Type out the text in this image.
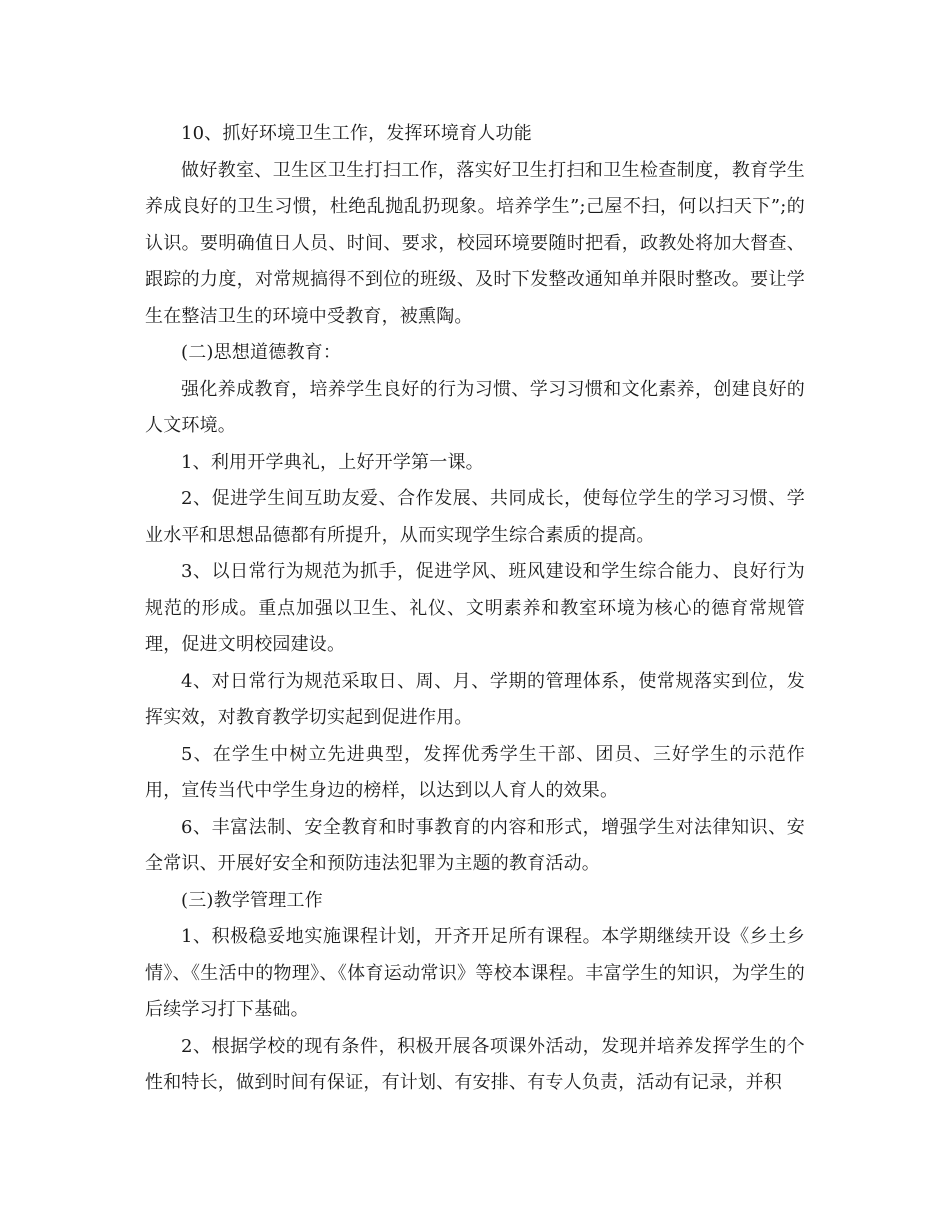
10、抓好环境卫生工作，发挥环境育人功能

做好教室、卫生区卫生打扫工作，落实好卫生打扫和卫生检查制度，教育学生养成良好的卫生习惯，杜绝乱抛乱扔现象。培养学生”;己屋不扫，何以扫天下”;的认识。要明确值日人员、时间、要求，校园环境要随时把看，政教处将加大督查、跟踪的力度，对常规搞得不到位的班级、及时下发整改通知单并限时整改。要让学生在整洁卫生的环境中受教育，被熏陶。

(二)思想道德教育：

强化养成教育，培养学生良好的行为习惯、学习习惯和文化素养，创建良好的人文环境。

1、利用开学典礼，上好开学第一课。

2、促进学生间互助友爱、合作发展、共同成长，使每位学生的学习习惯、学业水平和思想品德都有所提升，从而实现学生综合素质的提高。

3、以日常行为规范为抓手，促进学风、班风建设和学生综合能力、良好行为规范的形成。重点加强以卫生、礼仪、文明素养和教室环境为核心的德育常规管理，促进文明校园建设。

4、对日常行为规范采取日、周、月、学期的管理体系，使常规落实到位，发挥实效，对教育教学切实起到促进作用。

5、在学生中树立先进典型，发挥优秀学生干部、团员、三好学生的示范作用，宣传当代中学生身边的榜样，以达到以人育人的效果。

6、丰富法制、安全教育和时事教育的内容和形式，增强学生对法律知识、安全常识、开展好安全和预防违法犯罪为主题的教育活动。

(三)教学管理工作

1、积极稳妥地实施课程计划，开齐开足所有课程。本学期继续开设《乡土乡情》、《生活中的物理》、《体育运动常识》等校本课程。丰富学生的知识，为学生的后续学习打下基础。

2、根据学校的现有条件，积极开展各项课外活动，发现并培养发挥学生的个性和特长，做到时间有保证，有计划、有安排、有专人负责，活动有记录，并积
